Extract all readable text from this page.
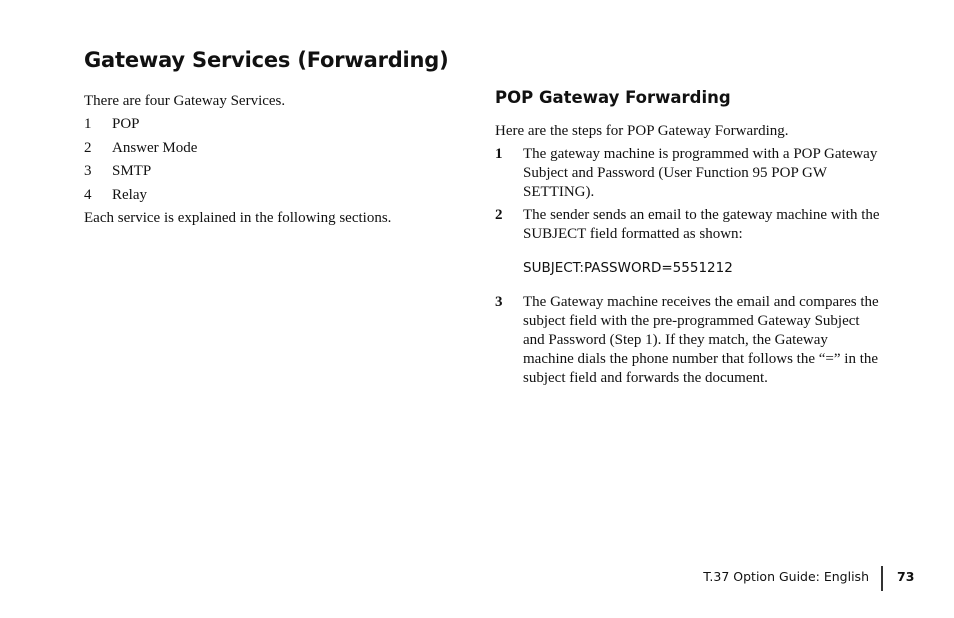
Gateway Services (Forwarding)

There are four Gateway Services.

1	POP
2	Answer Mode
3	SMTP
4	Relay

Each service is explained in the following sections.

POP Gateway Forwarding

Here are the steps for POP Gateway Forwarding.

1	The gateway machine is programmed with a POP Gateway Subject and Password (User Function 95 POP GW SETTING).
2	The sender sends an email to the gateway machine with the SUBJECT field formatted as shown:
SUBJECT:PASSWORD=5551212
3	The Gateway machine receives the email and compares the subject field with the pre-programmed Gateway Subject and Password (Step 1). If they match, the Gateway machine dials the phone number that follows the “=” in the subject field and forwards the document.
T.37 Option Guide: English 73
